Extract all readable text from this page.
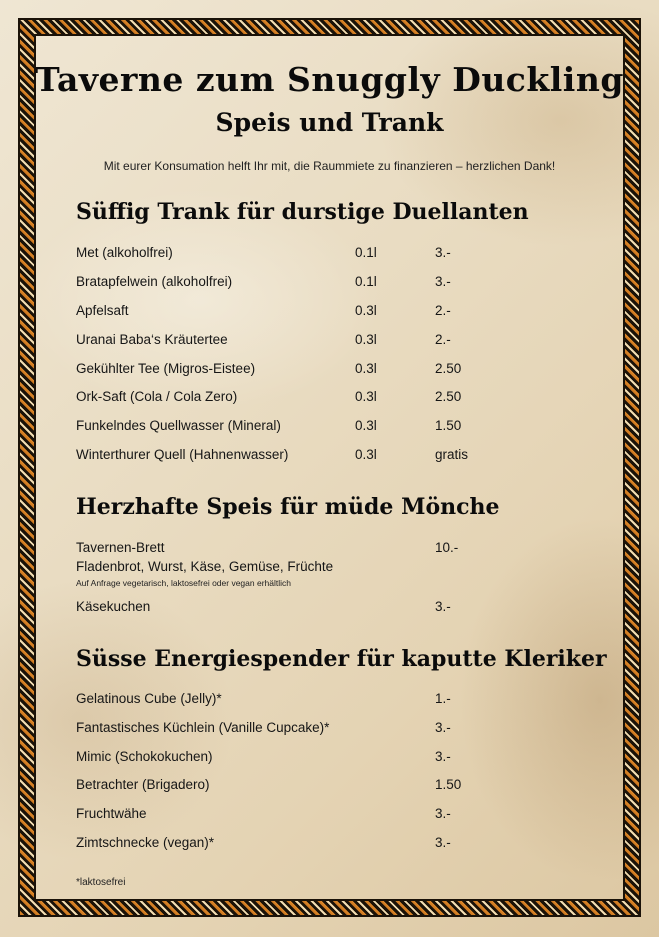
Taverne zum Snuggly Duckling
Speis und Trank
Mit eurer Konsumation helft Ihr mit, die Raummiete zu finanzieren – herzlichen Dank!
Süffig Trank für durstige Duellanten
Met (alkoholfrei)	0.1l	3.-
Bratapfelwein (alkoholfrei)	0.1l	3.-
Apfelsaft	0.3l	2.-
Uranai Baba‘s Kräutertee	0.3l	2.-
Gekühlter Tee (Migros-Eistee)	0.3l	2.50
Ork-Saft (Cola / Cola Zero)	0.3l	2.50
Funkelndes Quellwasser (Mineral)	0.3l	1.50
Winterthurer Quell (Hahnenwasser)	0.3l	gratis
Herzhafte Speis für müde Mönche
Tavernen-Brett	10.-
Fladenbrot, Wurst, Käse, Gemüse, Früchte
Auf Anfrage vegetarisch, laktosefrei oder vegan erhältlich
Käsekuchen	3.-
Süsse Energiespender für kaputte Kleriker
Gelatinous Cube (Jelly)*	1.-
Fantastisches Küchlein (Vanille Cupcake)*	3.-
Mimic (Schokokuchen)	3.-
Betrachter (Brigadero)	1.50
Fruchtwähe	3.-
Zimtschnecke (vegan)*	3.-
*laktosefrei
